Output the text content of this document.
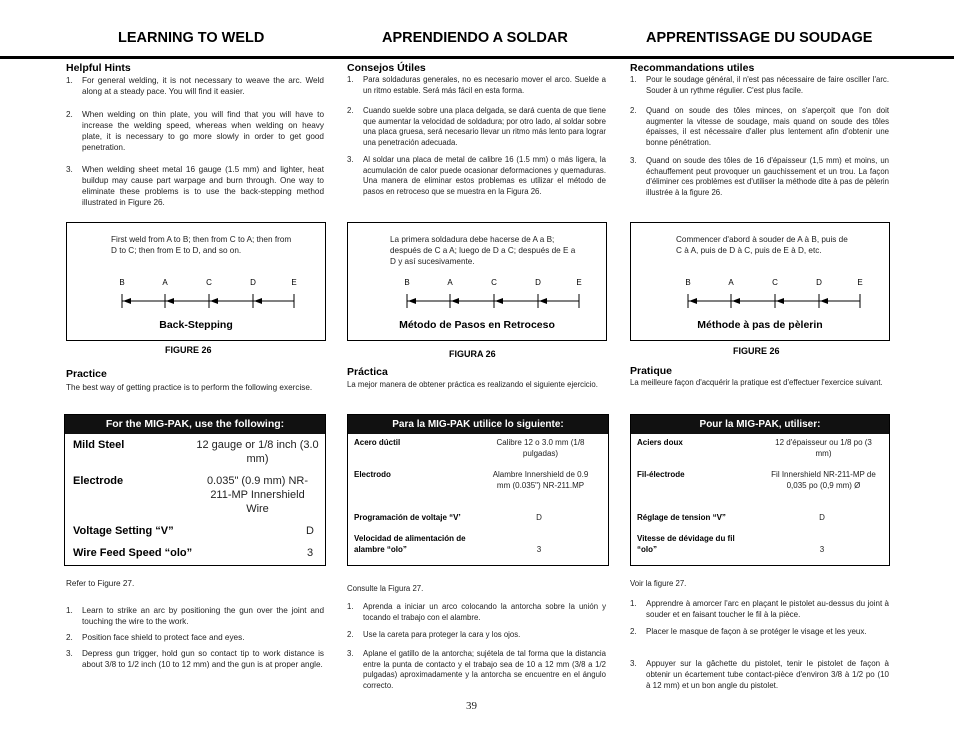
LEARNING TO WELD
Helpful Hints
1. For general welding, it is not necessary to weave the arc. Weld along at a steady pace. You will find it easier.
2. When welding on thin plate, you will find that you will have to increase the welding speed, whereas when welding on heavy plate, it is necessary to go more slowly in order to get good penetration.
3. When welding sheet metal 16 gauge (1.5 mm) and lighter, heat buildup may cause part warpage and burn through. One way to eliminate these problems is to use the back-stepping method illustrated in Figure 26.
First weld from A to B; then from C to A; then from D to C; then from E to D, and so on.
B	A	C	D	E
Back-Stepping
FIGURE 26
Practice
The best way of getting practice is to perform the following exercise.
For the MIG-PAK, use the following:
Mild Steel	12 gauge or 1/8 inch (3.0 mm)
Electrode	0.035" (0.9 mm) NR-211-MP Innershield Wire
Voltage Setting “V”	D
Wire Feed Speed “olo”	3
Refer to Figure 27.
1. Learn to strike an arc by positioning the gun over the joint and touching the wire to the work.
2. Position face shield to protect face and eyes.
3. Depress gun trigger, hold gun so contact tip to work distance is about 3/8 to 1/2 inch (10 to 12 mm) and the gun is at proper angle.
APRENDIENDO A SOLDAR
Consejos Útiles
1. Para soldaduras generales, no es necesario mover el arco. Suelde a un ritmo estable. Será más fácil en esta forma.
2. Cuando suelde sobre una placa delgada, se dará cuenta de que tiene que aumentar la velocidad de soldadura; por otro lado, al soldar sobre una placa gruesa, será necesario llevar un ritmo más lento para lograr una penetración adecuada.
3. Al soldar una placa de metal de calibre 16 (1.5 mm) o más ligera, la acumulación de calor puede ocasionar deformaciones y quemaduras. Una manera de eliminar estos problemas es utilizar el método de pasos en retroceso que se muestra en la Figura 26.
La primera soldadura debe hacerse de A a B; después de C a A; luego de D a C; después de E a D y así sucesivamente.
B	A	C	D	E
Método de Pasos en Retroceso
FIGURA 26
Práctica
La mejor manera de obtener práctica es realizando el siguiente ejercicio.
Para la MIG-PAK utilice lo siguiente:
Acero dúctil	Calibre 12 o 3.0 mm (1/8 pulgadas)
Electrodo	Alambre Innershield de 0.9 mm (0.035") NR-211.MP
Programación de voltaje “V’	D
Velocidad de alimentación de alambre “olo”	3
Consulte la Figura 27.
1. Aprenda a iniciar un arco colocando la antorcha sobre la unión y tocando el trabajo con el alambre.
2. Use la careta para proteger la cara y los ojos.
3. Aplane el gatillo de la antorcha; sujétela de tal forma que la distancia entre la punta de contacto y el trabajo sea de 10 a 12 mm (3/8 a 1/2 pulgadas) aproximadamente y la antorcha se encuentre en el ángulo correcto.
APPRENTISSAGE DU SOUDAGE
Recommandations utiles
1. Pour le soudage général, il n'est pas nécessaire de faire osciller l'arc. Souder à un rythme régulier. C'est plus facile.
2. Quand on soude des tôles minces, on s'aperçoit que l'on doit augmenter la vitesse de soudage, mais quand on soude des tôles épaisses, il est nécessaire d'aller plus lentement afin d'obtenir une bonne pénétration.
3. Quand on soude des tôles de 16 d'épaisseur (1,5 mm) et moins, un échauffement peut provoquer un gauchissement et un trou. La façon d'éliminer ces problèmes est d'utiliser la méthode dite à pas de pèlerin illustrée à la figure 26.
Commencer d'abord à souder de A à B, puis de C à A, puis de D à C, puis de E à D, etc.
B	A	C	D	E
Méthode à pas de pèlerin
FIGURE 26
Pratique
La meilleure façon d'acquérir la pratique est d'effectuer l'exercice suivant.
Pour la MIG-PAK, utiliser:
Aciers doux	12 d'épaisseur ou 1/8 po (3 mm)
Fil-électrode	Fil Innershield NR-211-MP de 0,035 po (0,9 mm) Ø
Réglage de tension “V”	D
Vitesse de dévidage du fil “olo”	3
Voir la figure 27.
1. Apprendre à amorcer l'arc en plaçant le pistolet au-dessus du joint à souder et en faisant toucher le fil à la pièce.
2. Placer le masque de façon à se protéger le visage et les yeux.
3. Appuyer sur la gâchette du pistolet, tenir le pistolet de façon à obtenir un écartement tube contact-pièce d'environ 3/8 à 1/2 po (10 à 12 mm) et un bon angle du pistolet.
39
